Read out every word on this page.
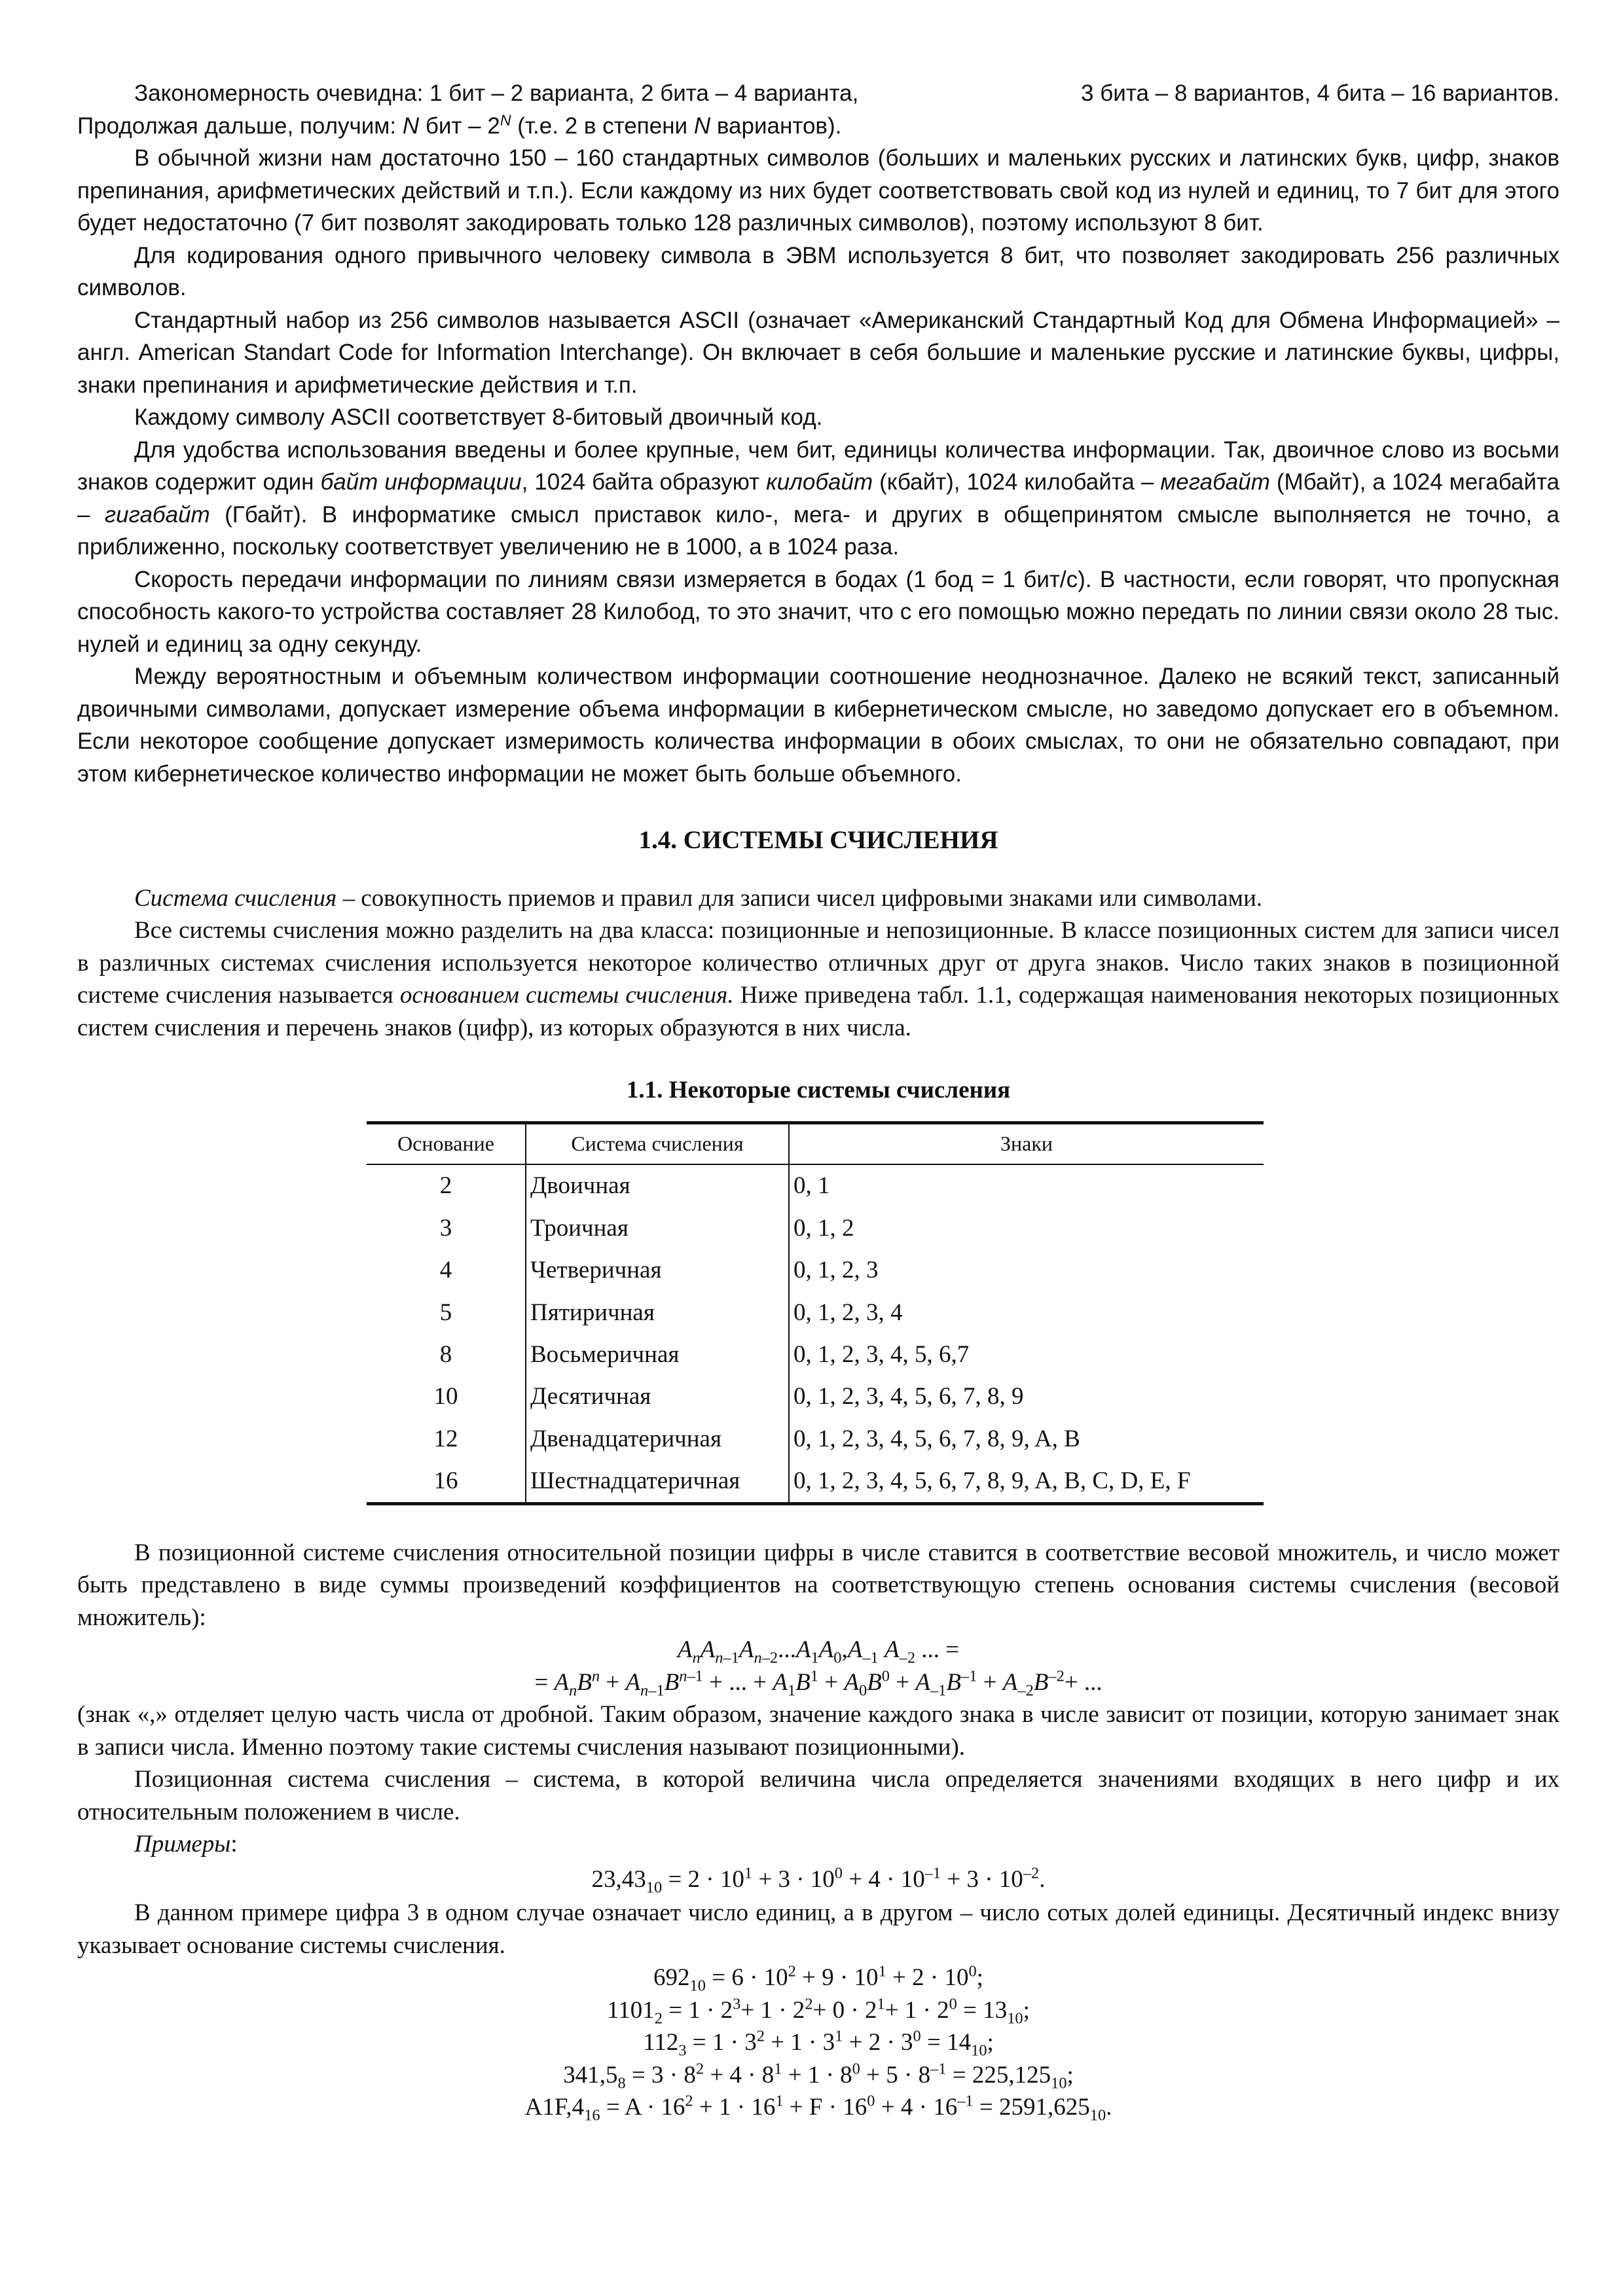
Закономерность очевидна: 1 бит – 2 варианта, 2 бита – 4 варианта,	3 бита – 8 вариантов, 4 бита – 16 вариантов.

Продолжая дальше, получим: N бит – $2^N$ (т.е. 2 в степени N вариантов).

В обычной жизни нам достаточно 150 – 160 стандартных символов (больших и маленьких русских и латинских букв, цифр, знаков препинания, арифметических действий и т.п.). Если каждому из них будет соответствовать свой код из нулей и единиц, то 7 бит для этого будет недостаточно (7 бит позволят закодировать только 128 различных символов), поэтому используют 8 бит.

Для кодирования одного привычного человеку символа в ЭВМ используется 8 бит, что позволяет закодировать 256 различных символов.

Стандартный набор из 256 символов называется ASCII (означает «Американский Стандартный Код для Обмена Информацией» – англ. American Standart Code for Information Interchange). Он включает в себя большие и маленькие русские и латинские буквы, цифры, знаки препинания и арифметические действия и т.п.

Каждому символу ASCII соответствует 8-битовый двоичный код.

Для удобства использования введены и более крупные, чем бит, единицы количества информации. Так, двоичное слово из восьми знаков содержит один байт информации, 1024 байта образуют килобайт (кбайт), 1024 килобайта – мегабайт (Мбайт), а 1024 мегабайта – гигабайт (Гбайт). В информатике смысл приставок кило-, мега- и других в общепринятом смысле выполняется не точно, а приближенно, поскольку соответствует увеличению не в 1000, а в 1024 раза.

Скорость передачи информации по линиям связи измеряется в бодах (1 бод = 1 бит/с). В частности, если говорят, что пропускная способность какого-то устройства составляет 28 Килобод, то это значит, что с его помощью можно передать по линии связи около 28 тыс. нулей и единиц за одну секунду.

Между вероятностным и объемным количеством информации соотношение неоднозначное. Далеко не всякий текст, записанный двоичными символами, допускает измерение объема информации в кибернетическом смысле, но заведомо допускает его в объемном. Если некоторое сообщение допускает измеримость количества информации в обоих смыслах, то они не обязательно совпадают, при этом кибернетическое количество информации не может быть больше объемного.

1.4. СИСТЕМЫ СЧИСЛЕНИЯ

Система счисления – совокупность приемов и правил для записи чисел цифровыми знаками или символами.

Все системы счисления можно разделить на два класса: позиционные и непозиционные. В классе позиционных систем для записи чисел в различных системах счисления используется некоторое количество отличных друг от друга знаков. Число таких знаков в позиционной системе счисления называется основанием системы счисления. Ниже приведена табл. 1.1, содержащая наименования некоторых позиционных систем счисления и перечень знаков (цифр), из которых образуются в них числа.

1.1. Некоторые системы счисления
Основание	Система счисления	Знаки
2	Двоичная	0, 1
3	Троичная	0, 1, 2
4	Четверичная	0, 1, 2, 3
5	Пятиричная	0, 1, 2, 3, 4
8	Восьмеричная	0, 1, 2, 3, 4, 5, 6,7
10	Десятичная	0, 1, 2, 3, 4, 5, 6, 7, 8, 9
12	Двенадцатеричная	0, 1, 2, 3, 4, 5, 6, 7, 8, 9, A, B
16	Шестнадцатеричная	0, 1, 2, 3, 4, 5, 6, 7, 8, 9, A, B, C, D, E, F

В позиционной системе счисления относительной позиции цифры в числе ставится в соответствие весовой множитель, и число может быть представлено в виде суммы произведений коэффициентов на соответствующую степень основания системы счисления (весовой множитель):

$A_nA_{n-1}A_{n-2}...A_1A_0,A_{-1}$ $A_{-2}$ ... =
= $A_nB^n + A_{n-1}B^{n-1}$ + ... + $A_1B^1 + A_0B^0 + A_{-1}B^{-1} + A_{-2}B^{-2}+$ ...

(знак «,» отделяет целую часть числа от дробной. Таким образом, значение каждого знака в числе зависит от позиции, которую занимает знак в записи числа. Именно поэтому такие системы счисления называют позиционными).

Позиционная система счисления – система, в которой величина числа определяется значениями входящих в него цифр и их относительным положением в числе.

Примеры:

$23,43_{10} = 2 \cdot 10^1 + 3 \cdot 10^0 + 4 \cdot 10^{-1} + 3 \cdot 10^{-2}$.

В данном примере цифра 3 в одном случае означает число единиц, а в другом – число сотых долей единицы. Десятичный индекс внизу указывает основание системы счисления.

$692_{10} = 6 \cdot 10^2 + 9 \cdot 10^1 + 2 \cdot 10^0$;
$1101_2 = 1 \cdot 2^3+ 1 \cdot 2^2+ 0 \cdot 2^1+ 1 \cdot 2^0 = 13_{10}$;
$112_3 = 1 \cdot 3^2 + 1 \cdot 3^1 + 2 \cdot 3^0 = 14_{10}$;
$341,5_8 = 3 \cdot 8^2 + 4 \cdot 8^1 + 1 \cdot 8^0 + 5 \cdot 8^{-1} = 225,125_{10}$;
$A1F,4_{16} = A \cdot 16^2 + 1 \cdot 16^1 + F \cdot 16^0 + 4 \cdot 16^{-1} = 2591,625_{10}$.
